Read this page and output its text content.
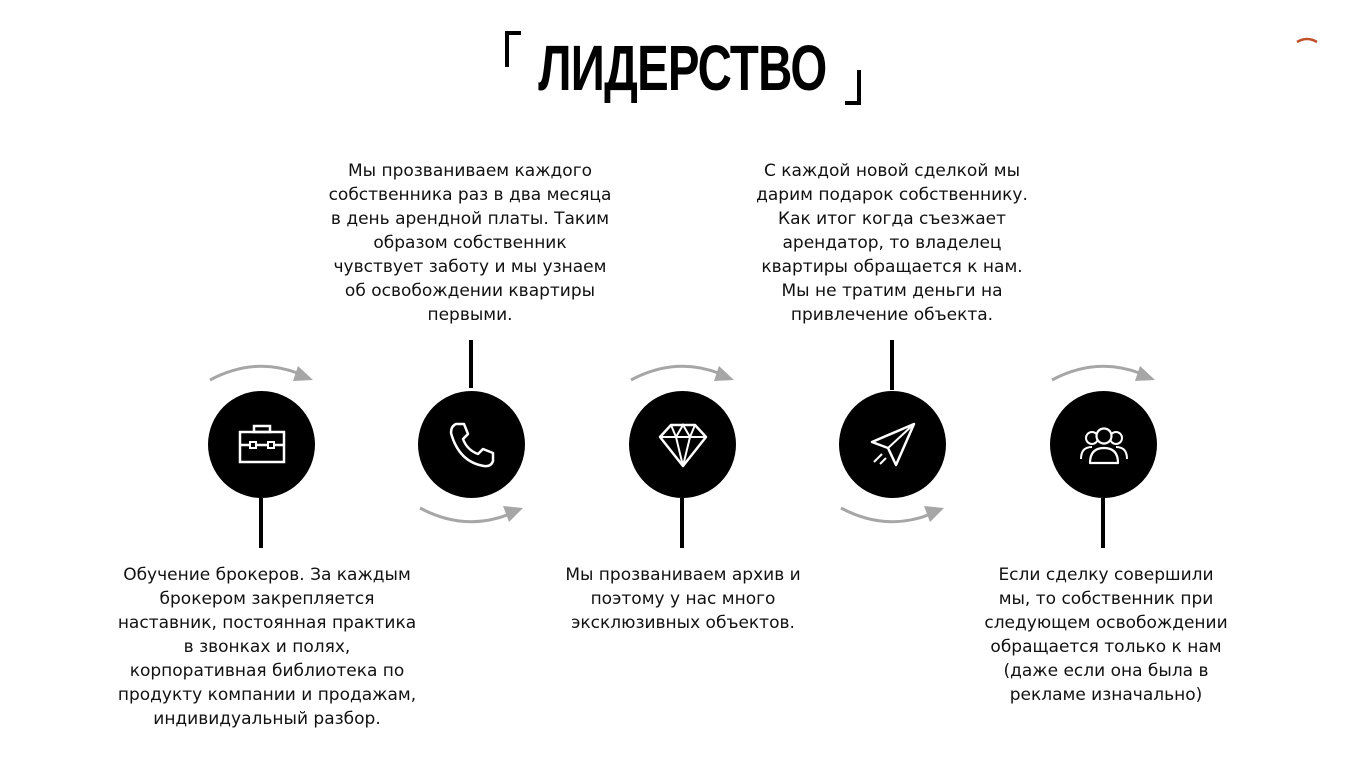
ЛИДЕРСТВО
Обучение брокеров. За каждым
брокером закрепляется
наставник, постоянная практика
в звонках и полях,
корпоративная библиотека по
продукту компании и продажам,
индивидуальный разбор.
Мы прозваниваем каждого
собственника раз в два месяца
в день арендной платы. Таким
образом собственник
чувствует заботу и мы узнаем
об освобождении квартиры
первыми.
Мы прозваниваем архив и
поэтому у нас много
эксклюзивных объектов.
С каждой новой сделкой мы
дарим подарок собственнику.
Как итог когда съезжает
арендатор, то владелец
квартиры обращается к нам.
Мы не тратим деньги на
привлечение объекта.
Если сделку совершили
мы, то собственник при
следующем освобождении
обращается только к нам
(даже если она была в
рекламе изначально)
